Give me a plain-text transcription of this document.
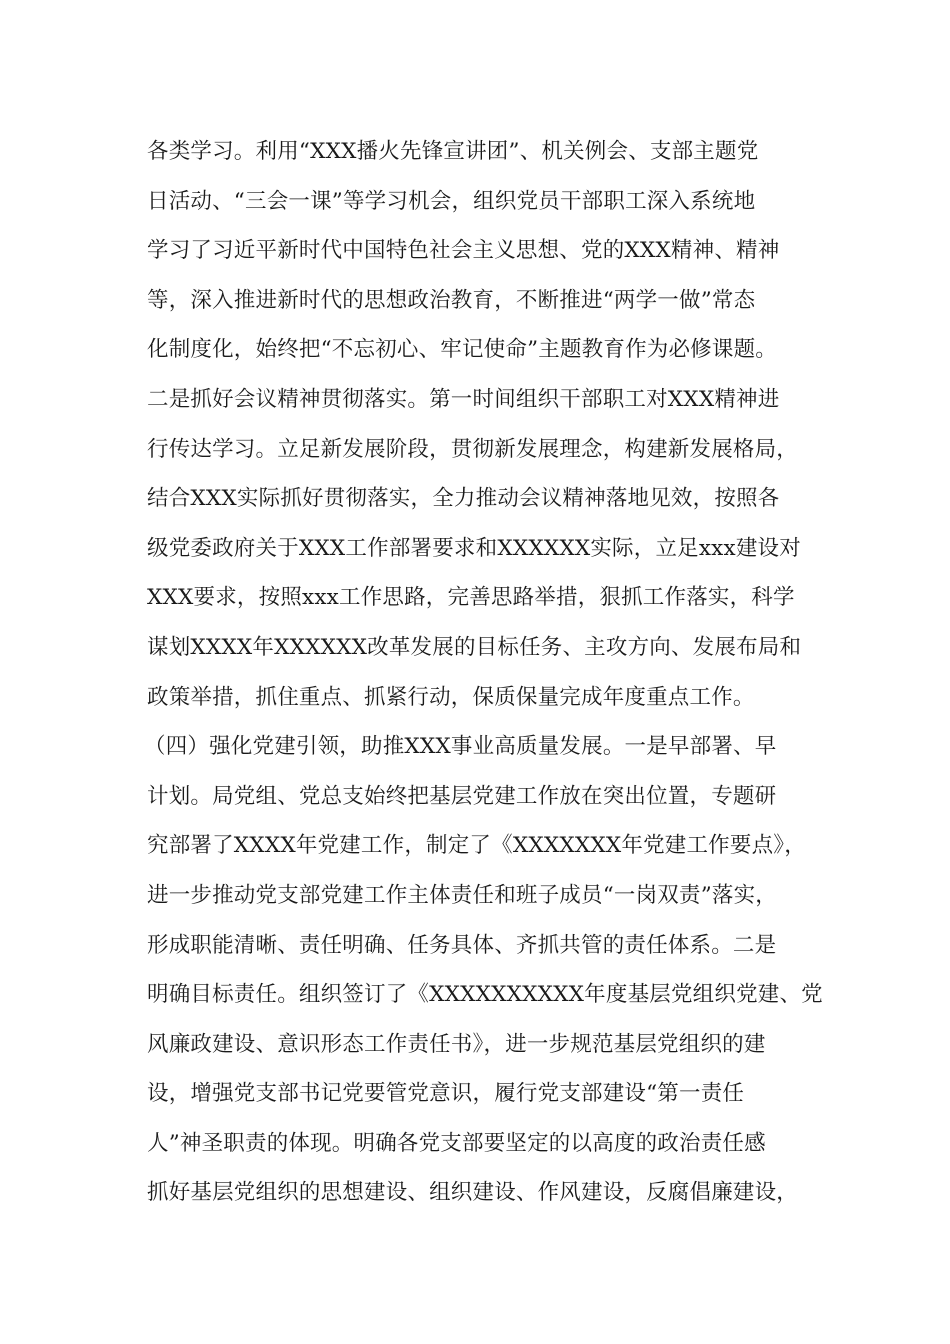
各类学习。利用“XXX播火先锋宣讲团”、机关例会、支部主题党
日活动、“三会一课”等学习机会，组织党员干部职工深入系统地
学习了习近平新时代中国特色社会主义思想、党的XXX精神、精神
等，深入推进新时代的思想政治教育，不断推进“两学一做”常态
化制度化，始终把“不忘初心、牢记使命”主题教育作为必修课题。
二是抓好会议精神贯彻落实。第一时间组织干部职工对XXX精神进
行传达学习。立足新发展阶段，贯彻新发展理念，构建新发展格局，
结合XXX实际抓好贯彻落实，全力推动会议精神落地见效，按照各
级党委政府关于XXX工作部署要求和XXXXXX实际，立足xxx建设对
XXX要求，按照xxx工作思路，完善思路举措，狠抓工作落实，科学
谋划XXXX年XXXXXX改革发展的目标任务、主攻方向、发展布局和
政策举措，抓住重点、抓紧行动，保质保量完成年度重点工作。
（四）强化党建引领，助推XXX事业高质量发展。一是早部署、早
计划。局党组、党总支始终把基层党建工作放在突出位置，专题研
究部署了XXXX年党建工作，制定了《XXXXXXX年党建工作要点》，
进一步推动党支部党建工作主体责任和班子成员“一岗双责”落实，
形成职能清晰、责任明确、任务具体、齐抓共管的责任体系。二是
明确目标责任。组织签订了《XXXXXXXXXX年度基层党组织党建、党
风廉政建设、意识形态工作责任书》，进一步规范基层党组织的建
设，增强党支部书记党要管党意识，履行党支部建设“第一责任
人”神圣职责的体现。明确各党支部要坚定的以高度的政治责任感
抓好基层党组织的思想建设、组织建设、作风建设，反腐倡廉建设，
